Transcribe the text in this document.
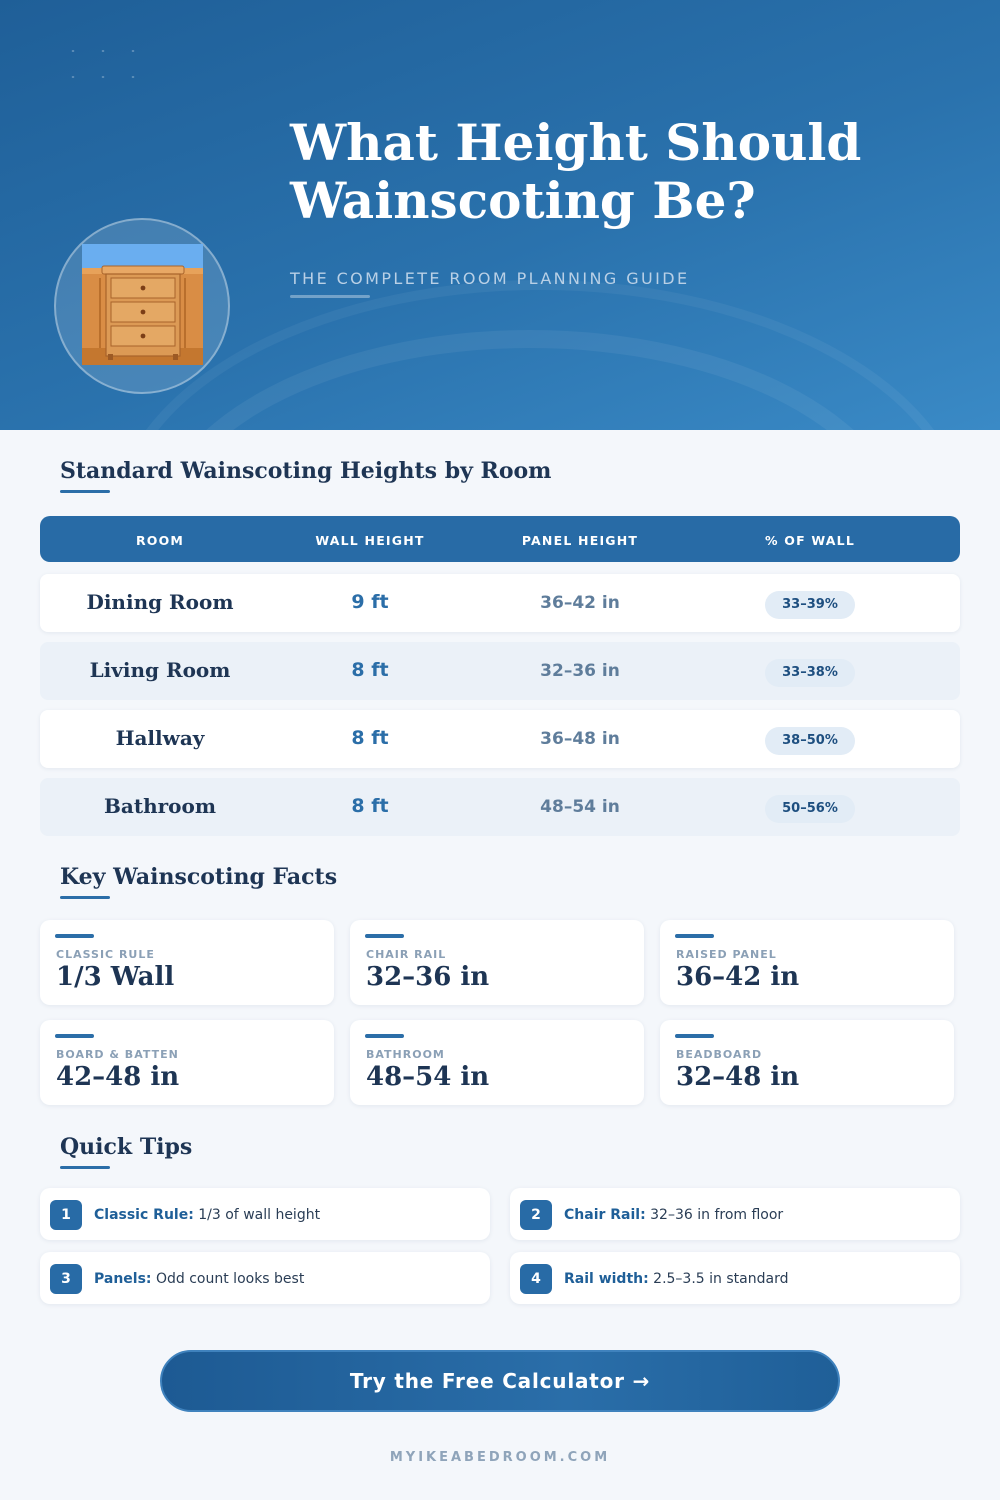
What Height Should
Wainscoting Be?
THE COMPLETE ROOM PLANNING GUIDE
Standard Wainscoting Heights by Room
ROOM	WALL HEIGHT	PANEL HEIGHT	% OF WALL
Dining Room	9 ft	36–42 in	33–39%
Living Room	8 ft	32–36 in	33–38%
Hallway	8 ft	36–48 in	38–50%
Bathroom	8 ft	48–54 in	50–56%
Key Wainscoting Facts
CLASSIC RULE
1/3 Wall
CHAIR RAIL
32–36 in
RAISED PANEL
36–42 in
BOARD & BATTEN
42–48 in
BATHROOM
48–54 in
BEADBOARD
32–48 in
Quick Tips
1	Classic Rule: 1/3 of wall height	2	Chair Rail: 32–36 in from floor
3	Panels: Odd count looks best	4	Rail width: 2.5–3.5 in standard
Try the Free Calculator →
MYIKEABEDROOM.COM
